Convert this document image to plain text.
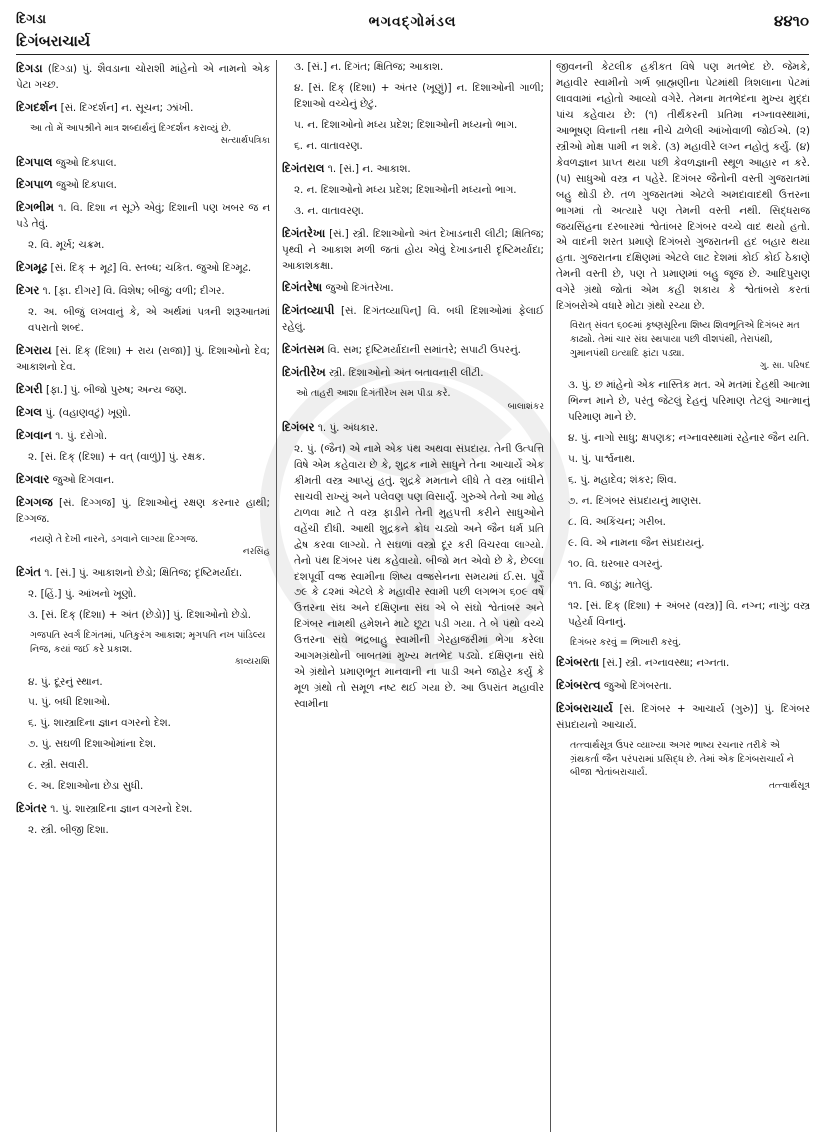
દિગડા
દિગંબરાચાર્ય
ભગવદ્ગોમંડલ	૪૪૧૦
દિગડા (દિગ્ડા) પું. શૈવડાના ચોરાશી માંહેનો એ નામનો એક પેટા ગચ્છ.
દિગદર્શન [સં. દિગ્દર્શન] ન. સૂચન; ઝાંખી.
આ તો મેં આપશ્રીને માત્ર શબ્દાર્થનું દિગ્દર્શન કરાવ્યું છે.
સત્યાર્થપત્રિકા
દિગપાલ જુઓ દિક્પાલ.
દિગપાળ જુઓ દિક્પાલ.
દિગભીમ ૧. વિ. દિશા ન સૂઝે એવું; દિશાની પણ ખબર જ ન પડે તેવું.
૨. વિ. મૂર્ખ; ચક્રમ.
દિગમૂઢ [સં. દિક્ + મૂઢ] વિ. સ્તબ્ધ; ચકિત. જુઓ દિગ્મૂઢ.
દિગર ૧. [ફા. દીગર] વિ. વિશેષ; બીજું; વળી; દીગર.
૨. અ. બીજું લખવાનું કે, એ અર્થમાં પત્રની શરૂઆતમાં વપરાતો શબ્દ.
દિગરાય [સં. દિક્ (દિશા) + રાય (રાજા)] પું. દિશાઓનો દેવ; આકાશનો દેવ.
દિગરી [ફા.] પું. બીજો પુરુષ; અન્ય જણ.
દિગલ પું. (વહાણવટું) ખૂણો.
દિગવાન ૧. પું. દરોગો.
૨. [સં. દિક્ (દિશા) + વત્ (વાળું)] પું. રક્ષક.
દિગવાર જુઓ દિગવાન.
દિગગજ [સં. દિગ્ગજ] પું. દિશાઓનું રક્ષણ કરનાર હાથી; દિગ્ગજ.
નયણે તે દેખી નારને, ડગવાને લાગ્યા દિગ્ગજ.
નરસિંહ
દિગંત ૧. [સં.] પું. આકાશનો છેડો; ક્ષિતિજ; દૃષ્ટિમર્યાદા.
૨. [હિં.] પું. આંખનો ખૂણો.
૩. [સં. દિક્ (દિશા) + અંત (છેડો)] પું. દિશાઓનો છેડો.
ગજપતિ સ્વર્ગ દિગંતમાં, પતિકુરંગ આકાશ; મૃગપતિ નખ પાંડિલ્ય નિજ, કયાં જઈ કરે પ્રકાશ.
કાવ્યરાશિ
૪. પું. દૂરનું સ્થાન.
૫. પું. બધી દિશાઓ.
૬. પું. શાસ્ત્રાદિના જ્ઞાન વગરનો દેશ.
૭. પું. સઘળી દિશાઓમાંના દેશ.
૮. સ્ત્રી. સવારી.
૯. અ. દિશાઓના છેડા સુધી.
દિગંતર ૧. પું. શાસ્ત્રાદિના જ્ઞાન વગરનો દેશ.
૨. સ્ત્રી. બીજી દિશા.
૩. [સં.] ન. દિગંત; ક્ષિતિજ; આકાશ.
૪. [સં. દિક્ (દિશા) + અંતર (ખૂણું)] ન. દિશાઓની ગાળી; દિશાઓ વચ્ચેનું છેટું.
૫. ન. દિશાઓનો મધ્ય પ્રદેશ; દિશાઓની મધ્યનો ભાગ.
૬. ન. વાતાવરણ.
દિગંતરાલ ૧. [સં.] ન. આકાશ.
૨. ન. દિશાઓનો મધ્ય પ્રદેશ; દિશાઓની મધ્યનો ભાગ.
૩. ન. વાતાવરણ.
દિગંતરેખા [સં.] સ્ત્રી. દિશાઓનો અંત દેખાડનારી લીટી; ક્ષિતિજ; પૃથ્વી ને આકાશ મળી જતાં હોય એવું દેખાડનારી દૃષ્ટિમર્યાદા; આકાશકક્ષા.
દિગંતરેષા જુઓ દિગંતરેખા.
દિગંતવ્યાપી [સં. દિગંતવ્યાપિન્] વિ. બધી દિશાઓમાં ફેલાઈ રહેલું.
દિગંતસમ વિ. સમ; દૃષ્ટિમર્યાદાની સમાંતરે; સપાટી ઉપરનું.
દિગંતીરેખ સ્ત્રી. દિશાઓનો અંત બતાવનારી લીટી.
ઓ તાહરી આશા દિગંતીરેખ સમ પીડા કરે.
બાલાશંકર
દિગંબર ૧. પું. અંધકાર.
૨. પું. (જૈન) એ નામે એક પંથ અથવા સંપ્રદાય. તેની ઉત્પત્તિ વિષે એમ કહેવાય છે કે, શુદ્રક નામે સાધુને તેના આચાર્યે એક કીમતી વસ્ત્ર આપ્યું હતું. શુદ્રકે મમતાને લીધે તે વસ્ત્ર બાંધીને સાચવી રાખ્યું અને પલેવણ પણ વિસાર્યું. ગુરુએ તેનો આ મોહ ટાળવા માટે તે વસ્ત્ર ફાડીને તેની મુહપત્તી કરીને સાધુઓને વહેંચી દીધી. આથી શુદ્રકને ક્રોધ ચડ્યો અને જૈન ધર્મ પ્રતિ દ્વેષ કરવા લાગ્યો. તે સઘળાં વસ્ત્રો દૂર કરી વિચરવા લાગ્યો. તેનો પંથ દિગંબર પંથ કહેવાયો. બીજો મત એવો છે કે, છેલ્લા દશપૂર્વી વજ્ર સ્વામીના શિષ્ય વજ્રસેનના સમયમાં ઈ.સ. પૂર્વે ૭૯ કે ૮૨માં એટલે કે મહાવીર સ્વામી પછી લગભગ ૬૦૯ વર્ષે ઉત્તરના સંઘ અને દક્ષિણના સંઘ એ બે સંઘો શ્વેતાંબર અને દિગંબર નામથી હમેશને માટે છૂટા પડી ગયા. તે બે પંથો વચ્ચે ઉત્તરના સંઘે ભદ્રબાહુ સ્વામીની ગેરહાજરીમાં ભેગા કરેલા આગમગ્રંથોની બાબતમાં મુખ્ય મતભેદ પડ્યો. દક્ષિણના સંઘે એ ગ્રંથોને પ્રમાણભૂત માનવાની ના પાડી અને જાહેર કર્યું કે મૂળ ગ્રંથો તો સમૂળ નષ્ટ થઈ ગયા છે. આ ઉપરાંત મહાવીર સ્વામીના
જીવનની કેટલીક હકીકત વિષે પણ મતભેદ છે. જેમકે, મહાવીર સ્વામીનો ગર્ભ બ્રાહ્મણીના પેટમાંથી ત્રિશલાના પેટમાં લાવવામાં નહોતો આવ્યો વગેરે. તેમના મતભેદના મુખ્ય મુદ્દા પાંચ કહેવાય છે: (૧) તીર્થંકરની પ્રતિમા નગ્નાવસ્થામાં, આભૂષણ વિનાની તથા નીચે ઢાળેલી આંખોવાળી જોઈએ. (૨) સ્ત્રીઓ મોક્ષ પામી ન શકે. (૩) મહાવીરે લગ્ન નહોતું કર્યું. (૪) કેવળજ્ઞાન પ્રાપ્ત થયા પછી કેવળજ્ઞાની સ્થૂળ આહાર ન કરે. (૫) સાધુઓ વસ્ત્ર ન પહેરે. દિગંબર જૈનોની વસ્તી ગુજરાતમાં બહુ થોડી છે. તળ ગુજરાતમાં એટલે અમદાવાદથી ઉત્તરના ભાગમાં તો અત્યારે પણ તેમની વસ્તી નથી. સિદ્ધરાજ જયસિંહના દરબારમાં શ્વેતાંબર દિગંબર વચ્ચે વાદ થયો હતો. એ વાદની શરત પ્રમાણે દિગંબરો ગુજરાતની હદ બહાર થયા હતા. ગુજરાતના દક્ષિણમાં એટલે લાટ દેશમાં કોઈ કોઈ ઠેકાણે તેમની વસ્તી છે, પણ તે પ્રમાણમાં બહુ જૂજ છે. આદિપુરાણ વગેરે ગ્રંથો જોતાં એમ કહી શકાય કે શ્વેતાંબરો કરતાં દિગંબરોએ વધારે મોટા ગ્રંથો રચ્યા છે.
વિરાત્ સંવત ૬૦૯માં કૃષ્ણસૂરિના શિષ્ય શિવભૂતિએ દિગંબર મત કાઢ્યો. તેમાં ચાર સંઘ સ્થપાયા પછી વીશપંથી, તેરાપંથી, ગુમાનપંથી ઇત્યાદિ ફાંટા પડ્યા.
ગુ. સા. પરિષદ
૩. પું. છ માંહેનો એક નાસ્તિક મત. એ મતમાં દેહથી આત્મા ભિન્ન માને છે, પરંતુ જેટલું દેહનું પરિમાણ તેટલું આત્માનું પરિમાણ માને છે.
૪. પું. નાગો સાધુ; ક્ષપણક; નગ્નાવસ્થામાં રહેનાર જૈન યતિ.
૫. પું. પાર્શ્વનાથ.
૬. પું. મહાદેવ; શંકર; શિવ.
૭. ન. દિગંબર સંપ્રદાયનું માણસ.
૮. વિ. અકિંચન; ગરીબ.
૯. વિ. એ નામના જૈન સંપ્રદાયનું.
૧૦. વિ. ઘરબાર વગરનું.
૧૧. વિ. જાડું; માતેલું.
૧૨. [સં. દિક્ (દિશા) + અંબર (વસ્ત્ર)] વિ. નગ્ન; નાગું; વસ્ત્ર પહેર્યા વિનાનું.
દિગંબર કરવું = ભિખારી કરવું.
દિગંબરતા [સં.] સ્ત્રી. નગ્નાવસ્થા; નગ્નતા.
દિગંબરત્વ જુઓ દિગંબરતા.
દિગંબરાચાર્ય [સં. દિગંબર + આચાર્ય (ગુરુ)] પું. દિગંબર સંપ્રદાયનો આચાર્ય.
તત્ત્વાર્થસૂત્ર ઉપર વ્યાખ્યા અગર ભાષ્ય રચનાર તરીકે એ ગ્રંથકર્તા જૈન પરંપરામાં પ્રસિદ્ધ છે. તેમાં એક દિગંબરાચાર્ય ને બીજા શ્વેતાંબરાચાર્ય.
તત્ત્વાર્થસૂત્ર
